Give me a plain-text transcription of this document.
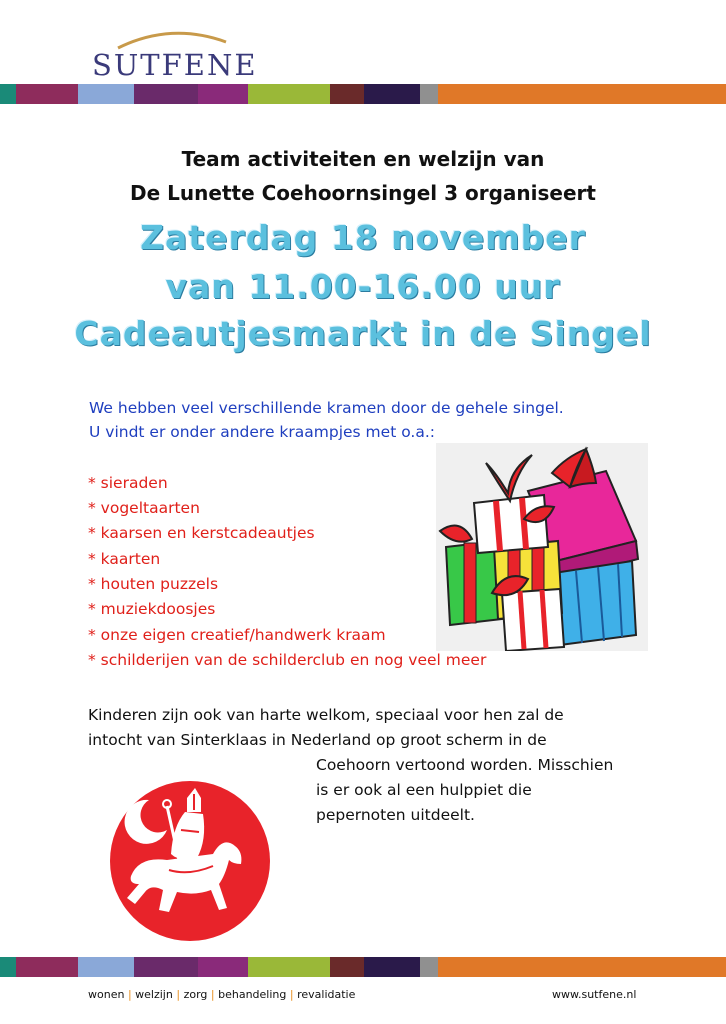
SUTFENE
Team activiteiten en welzijn van
De Lunette Coehoornsingel 3 organiseert
Zaterdag 18 november
van 11.00-16.00 uur
Cadeautjesmarkt in de Singel
We hebben veel verschillende kramen door de gehele singel.
U vindt er onder andere kraampjes met o.a.:
* sieraden
* vogeltaarten
* kaarsen en kerstcadeautjes
* kaarten
* houten puzzels
* muziekdoosjes
* onze eigen creatief/handwerk kraam
* schilderijen van de schilderclub en nog veel meer
Kinderen zijn ook van harte welkom, speciaal voor hen zal de
intocht van Sinterklaas in Nederland op groot scherm in de
Coehoorn vertoond worden. Misschien
is er ook al een hulppiet die
pepernoten uitdeelt.
wonen | welzijn | zorg | behandeling | revalidatie	www.sutfene.nl
